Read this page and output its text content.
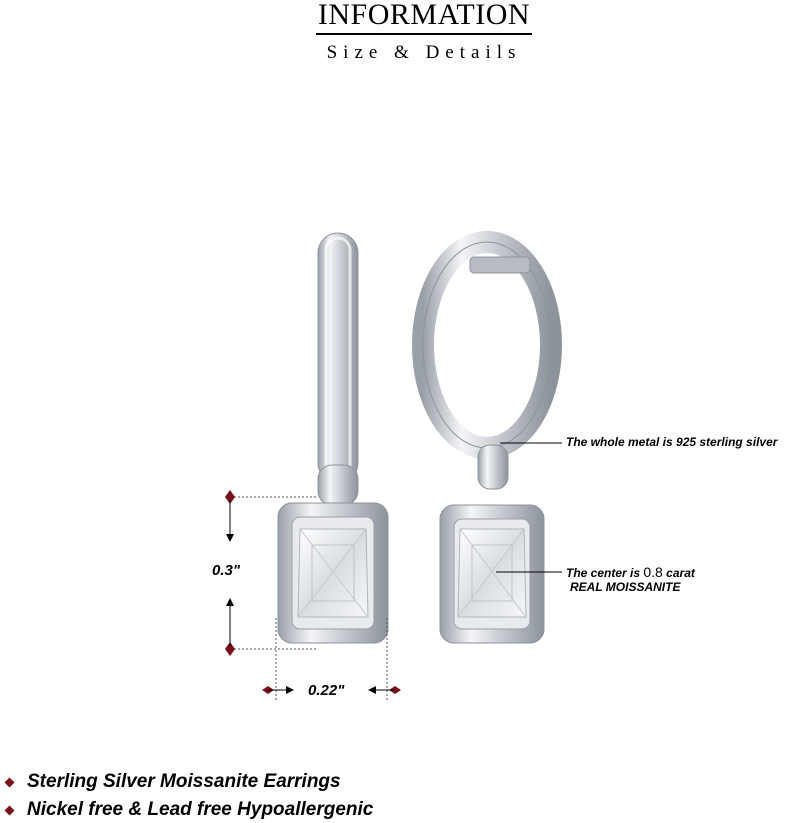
INFORMATION
Size & Details
The whole metal is 925 sterling silver
The center is 0.8 carat
REAL MOISSANITE
0.3"
0.22"
Sterling Silver Moissanite Earrings
Nickel free & Lead free Hypoallergenic
